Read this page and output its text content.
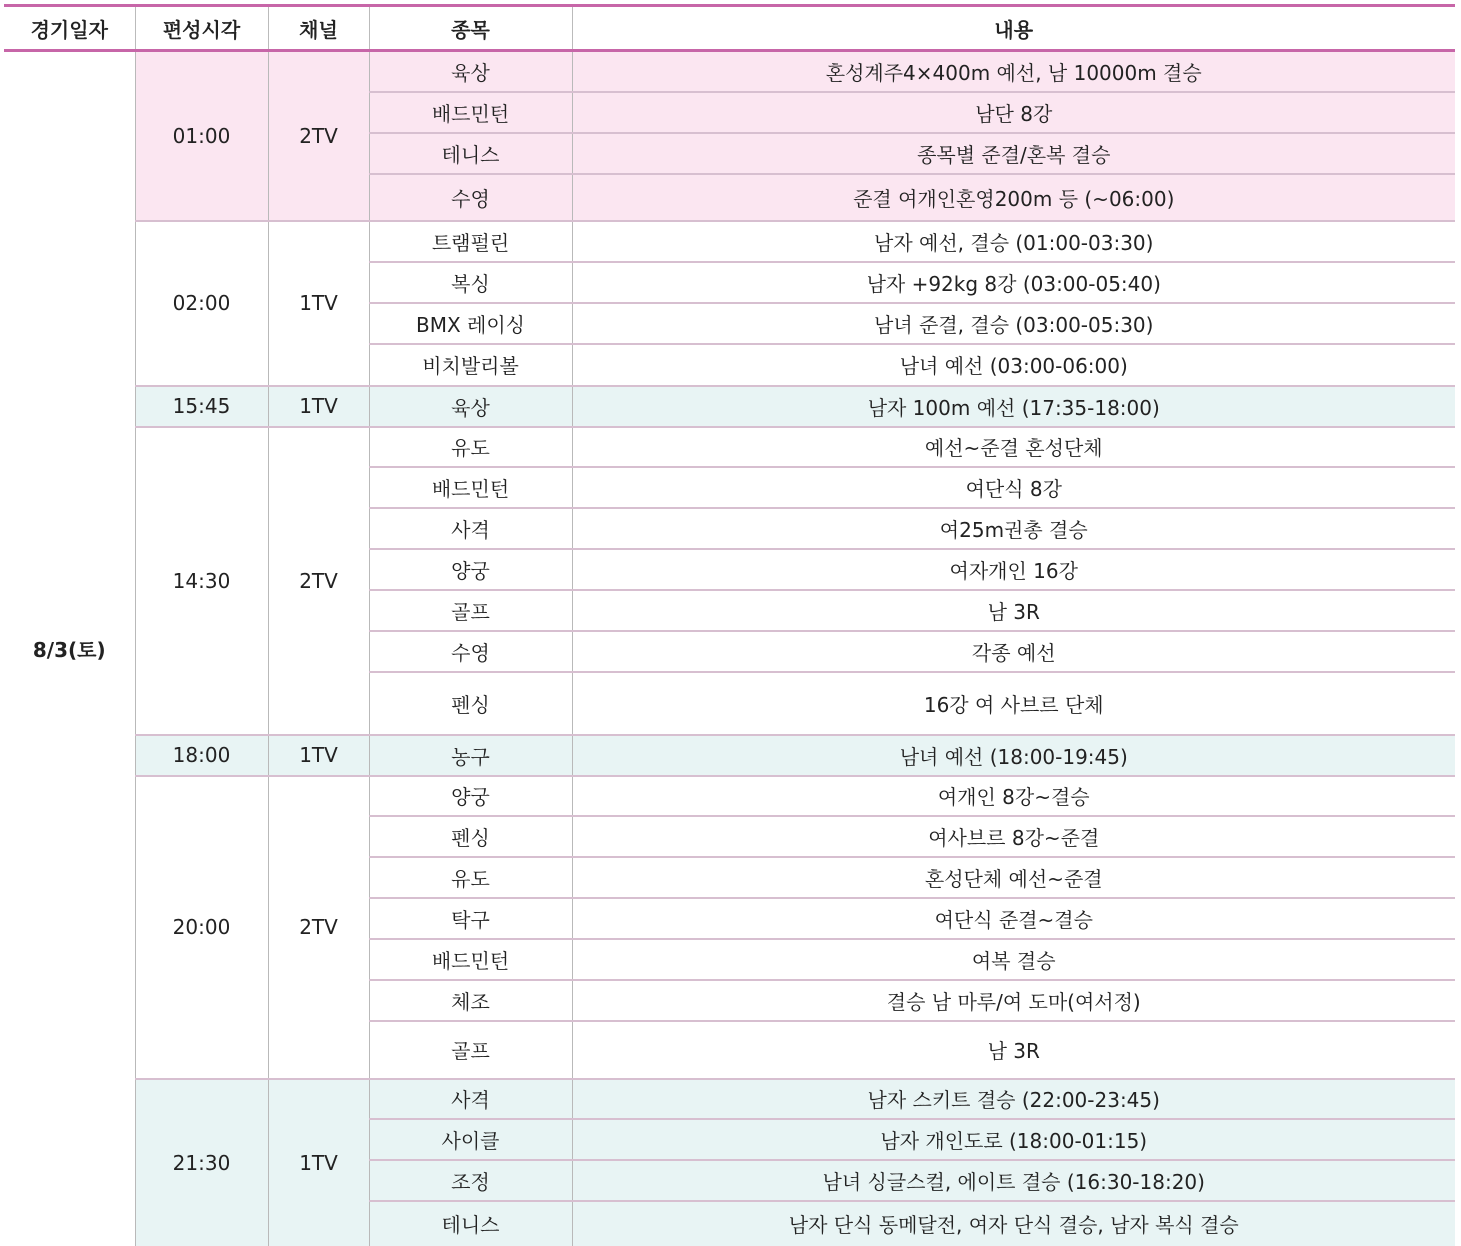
경기일자	편성시각	채널	종목	내용
8/3(토)	01:00	2TV	육상	혼성계주4×400m 예선, 남 10000m 결승
			배드민턴	남단 8강
			테니스	종목별 준결/혼복 결승
			수영	준결 여개인혼영200m 등 (~06:00)
	02:00	1TV	트램펄린	남자 예선, 결승 (01:00-03:30)
			복싱	남자 +92kg 8강 (03:00-05:40)
			BMX 레이싱	남녀 준결, 결승 (03:00-05:30)
			비치발리볼	남녀 예선 (03:00-06:00)
	15:45	1TV	육상	남자 100m 예선 (17:35-18:00)
	14:30	2TV	유도	예선~준결 혼성단체
			배드민턴	여단식 8강
			사격	여25m권총 결승
			양궁	여자개인 16강
			골프	남 3R
			수영	각종 예선
			펜싱	16강 여 사브르 단체
	18:00	1TV	농구	남녀 예선 (18:00-19:45)
	20:00	2TV	양궁	여개인 8강~결승
			펜싱	여사브르 8강~준결
			유도	혼성단체 예선~준결
			탁구	여단식 준결~결승
			배드민턴	여복 결승
			체조	결승 남 마루/여 도마(여서정)
			골프	남 3R
	21:30	1TV	사격	남자 스키트 결승 (22:00-23:45)
			사이클	남자 개인도로 (18:00-01:15)
			조정	남녀 싱글스컬, 에이트 결승 (16:30-18:20)
			테니스	남자 단식 동메달전, 여자 단식 결승, 남자 복식 결승
